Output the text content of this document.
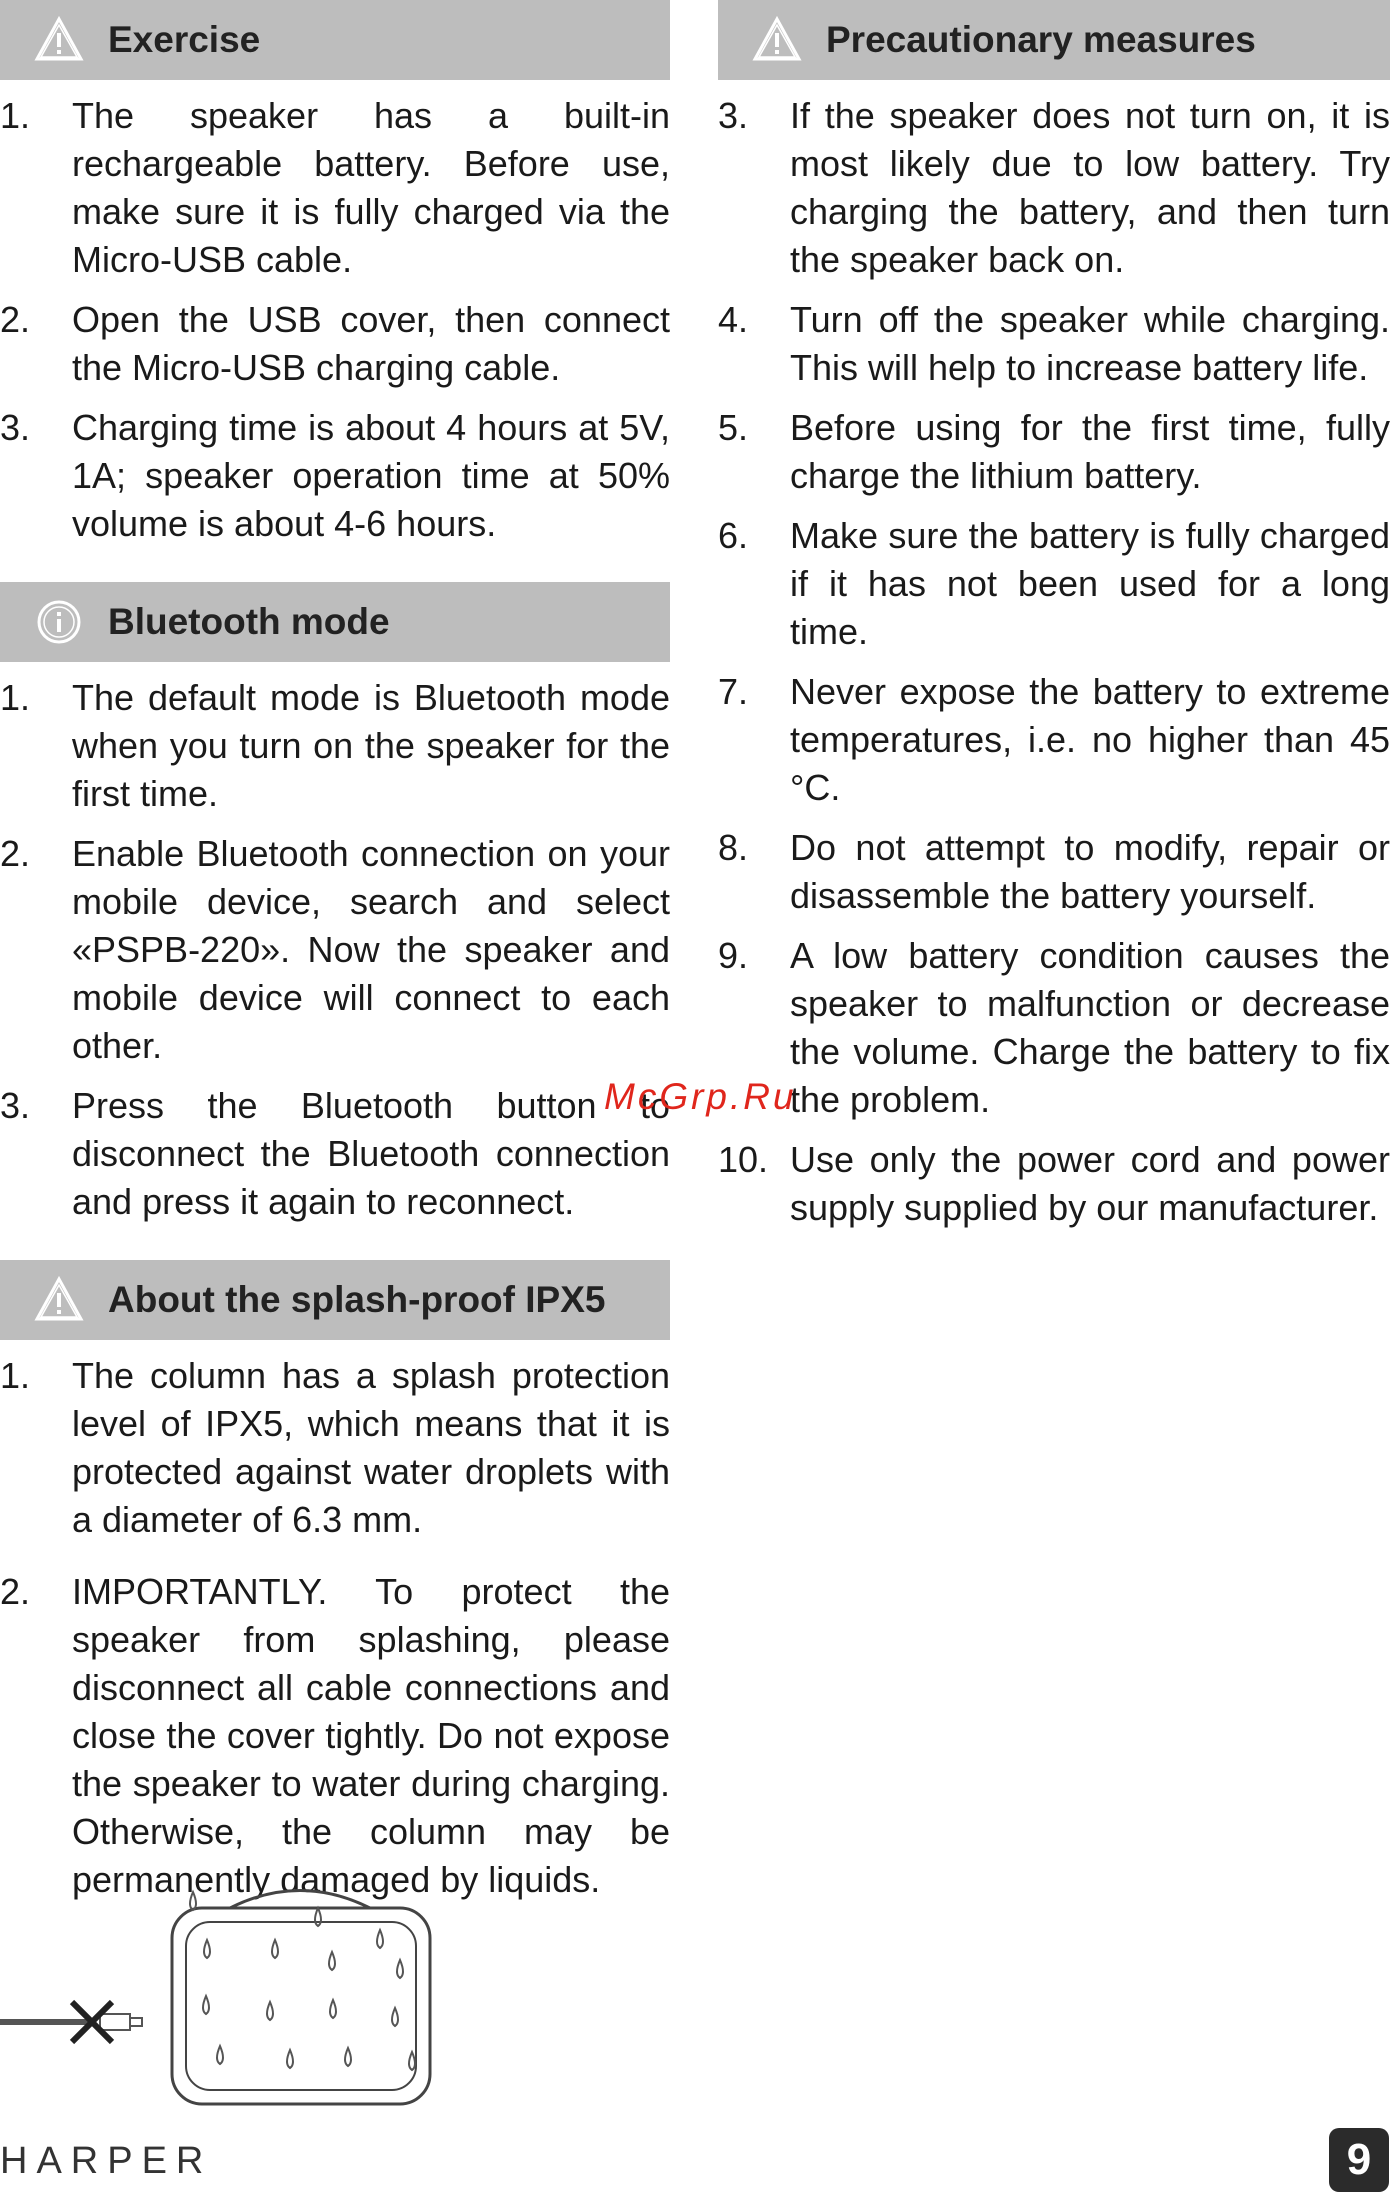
Exercise
1. The speaker has a built-in rechargeable battery. Before use, make sure it is fully charged via the Micro-USB cable.
2. Open the USB cover, then connect the Micro-USB charging cable.
3. Charging time is about 4 hours at 5V, 1A; speaker operation time at 50% volume is about 4-6 hours.
Bluetooth mode
1. The default mode is Bluetooth mode when you turn on the speaker for the first time.
2. Enable Bluetooth connection on your mobile device, search and select «PSPB-220». Now the speaker and mobile device will connect to each other.
3. Press the Bluetooth button to disconnect the Bluetooth connection and press it again to reconnect.
About the splash-proof IPX5
1. The column has a splash protection level of IPX5, which means that it is protected against water droplets with a diameter of 6.3 mm.
2. IMPORTANTLY. To protect the speaker from splashing, please disconnect all cable connections and close the cover tightly. Do not expose the speaker to water during charging. Otherwise, the column may be permanently damaged by liquids.
Precautionary measures
3. If the speaker does not turn on, it is most likely due to low battery. Try charging the battery, and then turn the speaker back on.
4. Turn off the speaker while charging. This will help to increase battery life.
5. Before using for the first time, fully charge the lithium battery.
6. Make sure the battery is fully charged if it has not been used for a long time.
7. Never expose the battery to extreme temperatures, i.e. no higher than 45 °C.
8. Do not attempt to modify, repair or disassemble the battery yourself.
9. A low battery condition causes the speaker to malfunction or decrease the volume. Charge the battery to fix the problem.
10. Use only the power cord and power supply supplied by our manufacturer.
McGrp.Ru
HARPER	9
